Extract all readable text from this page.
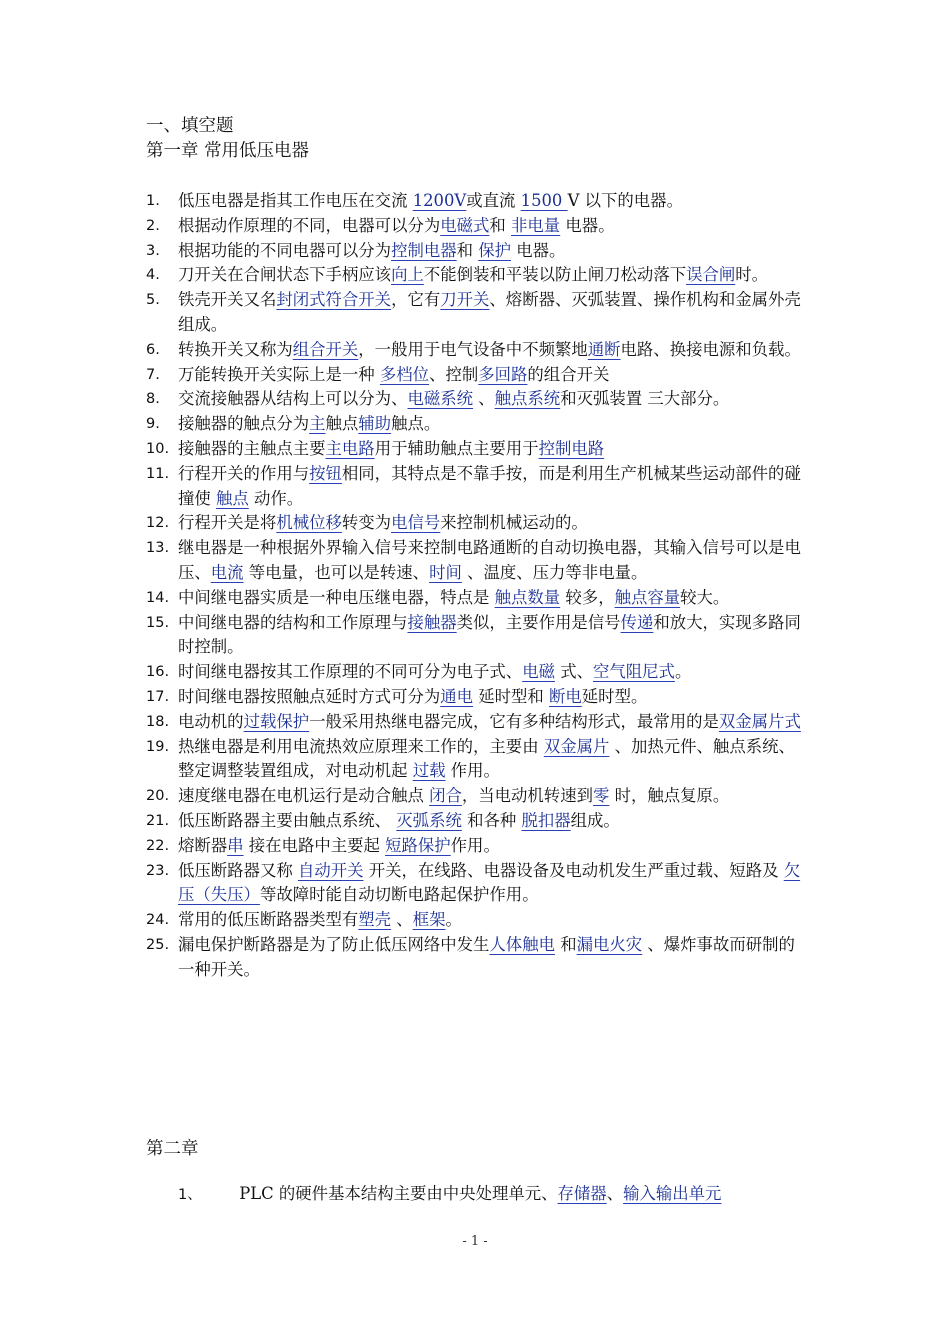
一、填空题
第一章 常用低压电器
1. 低压电器是指其工作电压在交流 1200V或直流 1500 V 以下的电器。
2. 根据动作原理的不同，电器可以分为电磁式和 非电量 电器。
3. 根据功能的不同电器可以分为控制电器和 保护 电器。
4. 刀开关在合闸状态下手柄应该向上不能倒装和平装以防止闸刀松动落下误合闸时。
5. 铁壳开关又名封闭式符合开关，它有刀开关、熔断器、灭弧装置、操作机构和金属外壳组成。
6. 转换开关又称为组合开关，一般用于电气设备中不频繁地通断电路、换接电源和负载。
7. 万能转换开关实际上是一种 多档位、控制多回路的组合开关
8. 交流接触器从结构上可以分为、电磁系统 、触点系统和灭弧装置 三大部分。
9. 接触器的触点分为主触点辅助触点。
10. 接触器的主触点主要主电路用于辅助触点主要用于控制电路
11. 行程开关的作用与按钮相同，其特点是不靠手按，而是利用生产机械某些运动部件的碰撞使 触点 动作。
12. 行程开关是将机械位移转变为电信号来控制机械运动的。
13. 继电器是一种根据外界输入信号来控制电路通断的自动切换电器，其输入信号可以是电压、电流 等电量，也可以是转速、时间 、温度、压力等非电量。
14. 中间继电器实质是一种电压继电器，特点是 触点数量 较多，触点容量较大。
15. 中间继电器的结构和工作原理与接触器类似，主要作用是信号传递和放大，实现多路同时控制。
16. 时间继电器按其工作原理的不同可分为电子式、电磁 式、空气阻尼式。
17. 时间继电器按照触点延时方式可分为通电 延时型和 断电延时型。
18. 电动机的过载保护一般采用热继电器完成，它有多种结构形式，最常用的是双金属片式
19. 热继电器是利用电流热效应原理来工作的，主要由 双金属片 、加热元件、触点系统、整定调整装置组成，对电动机起 过载 作用。
20. 速度继电器在电机运行是动合触点 闭合，当电动机转速到零 时，触点复原。
21. 低压断路器主要由触点系统、 灭弧系统 和各种 脱扣器组成。
22. 熔断器串 接在电路中主要起 短路保护作用。
23. 低压断路器又称 自动开关 开关，在线路、电器设备及电动机发生严重过载、短路及 欠压（失压）等故障时能自动切断电路起保护作用。
24. 常用的低压断路器类型有塑壳 、框架。
25. 漏电保护断路器是为了防止低压网络中发生人体触电 和漏电火灾 、爆炸事故而研制的一种开关。
第二章
1、 PLC 的硬件基本结构主要由中央处理单元、存储器、输入输出单元
- 1 -
